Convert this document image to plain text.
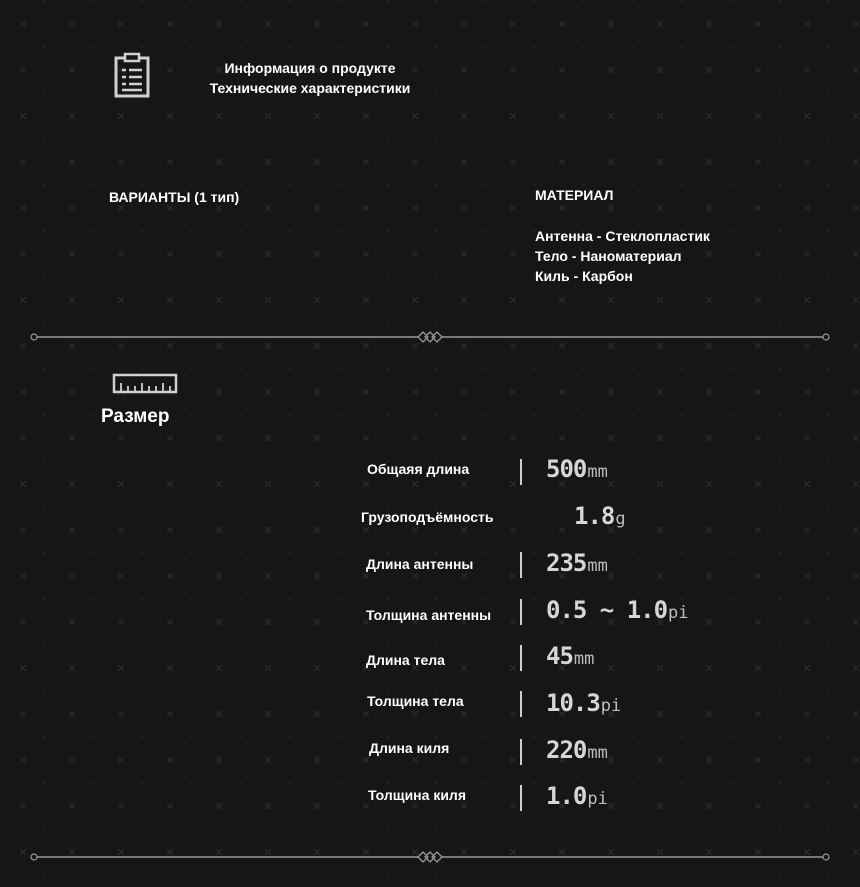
Информация о продукте
Технические характеристики
ВАРИАНТЫ (1 тип)	МАТЕРИАЛ
Антенна - Стеклопластик
Тело - Наноматериал
Киль - Карбон
Размер
Общаяя длина	500mm
Грузоподъёмность	1.8g
Длина антенны	235mm
Толщина антенны 0.5 ~ 1.0pi
Длина тела	45mm
Толщина тела	10.3pi
Длина киля	220mm
Толщина киля	1.0pi
